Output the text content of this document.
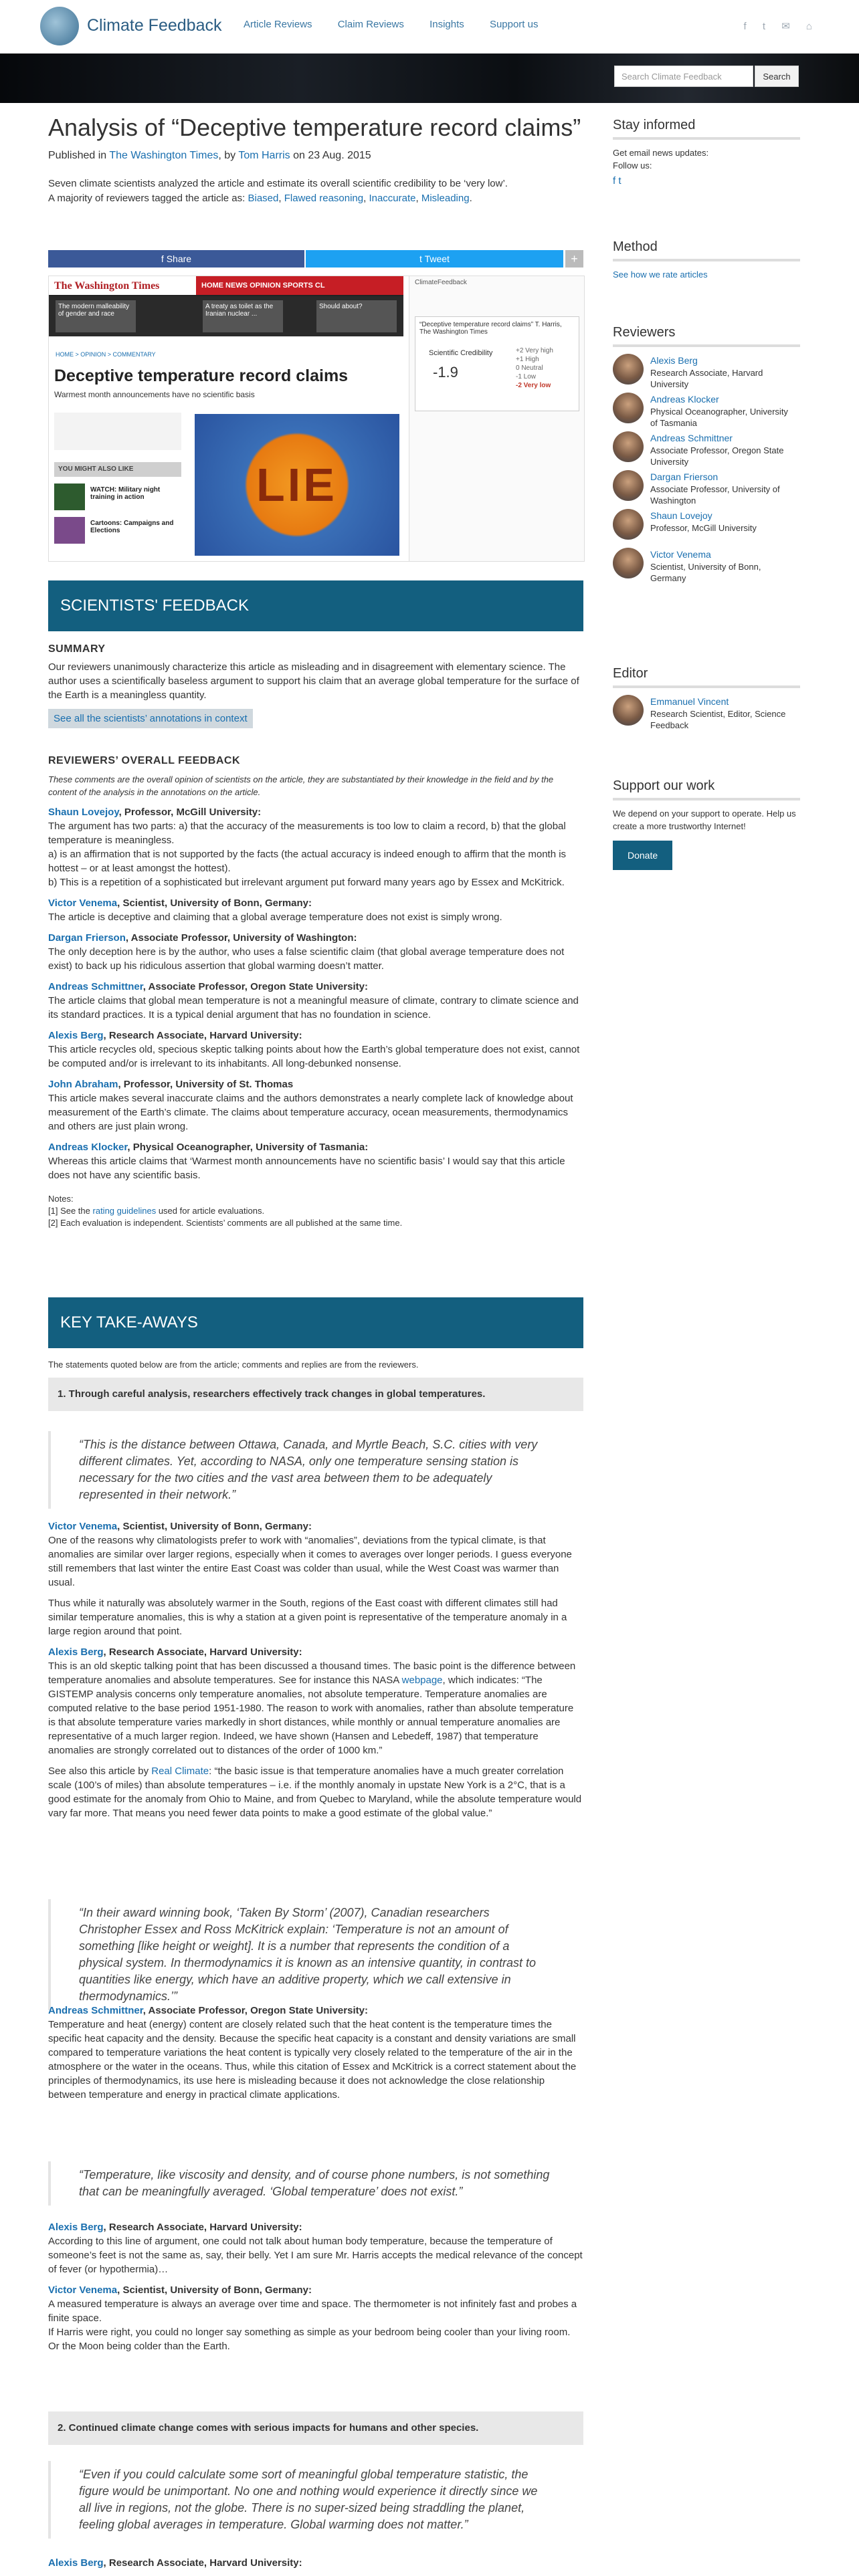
Climate Feedback Article Reviews	Claim Reviews	Insights	Support us	f t ✉ ⌂
Search Climate Feedback	Search
Analysis of “Deceptive temperature record claims”
Published in The Washington Times, by Tom Harris on 23 Aug. 2015

Seven climate scientists analyzed the article and estimate its overall scientific credibility to be ‘very low’.

A majority of reviewers tagged the article as: Biased, Flawed reasoning, Inaccurate, Misleading.

f Share	t Tweet	+
The Washington Times	HOME NEWS OPINION SPORTS CL
The modern malleability of gender and race
A treaty as toilet as the Iranian nuclear ...
Should about?
HOME > OPINION > COMMENTARY
Deceptive temperature record claims
Warmest month announcements have no scientific basis
YOU MIGHT ALSO LIKE
WATCH: Military night training in action
Cartoons: Campaigns and Elections
LIE
ClimateFeedback
“Deceptive temperature record claims” T. Harris, The Washington Times
Scientific Credibility
-1.9
+2 Very high
+1 High
0 Neutral
-1 Low
-2 Very low
SCIENTISTS' FEEDBACK
SUMMARY

Our reviewers unanimously characterize this article as misleading and in disagreement with elementary science. The author uses a scientifically baseless argument to support his claim that an average global temperature for the surface of the Earth is a meaningless quantity.

See all the scientists’ annotations in context
REVIEWERS’ OVERALL FEEDBACK

These comments are the overall opinion of scientists on the article, they are substantiated by their knowledge in the field and by the content of the analysis in the annotations on the article.

Shaun Lovejoy, Professor, McGill University:
The argument has two parts: a) that the accuracy of the measurements is too low to claim a record, b) that the global temperature is meaningless.
a) is an affirmation that is not supported by the facts (the actual accuracy is indeed enough to affirm that the month is hottest – or at least amongst the hottest).
b) This is a repetition of a sophisticated but irrelevant argument put forward many years ago by Essex and McKitrick.
Victor Venema, Scientist, University of Bonn, Germany:
The article is deceptive and claiming that a global average temperature does not exist is simply wrong.
Dargan Frierson, Associate Professor, University of Washington:
The only deception here is by the author, who uses a false scientific claim (that global average temperature does not exist) to back up his ridiculous assertion that global warming doesn’t matter.
Andreas Schmittner, Associate Professor, Oregon State University:
The article claims that global mean temperature is not a meaningful measure of climate, contrary to climate science and its standard practices. It is a typical denial argument that has no foundation in science.
Alexis Berg, Research Associate, Harvard University:
This article recycles old, specious skeptic talking points about how the Earth’s global temperature does not exist, cannot be computed and/or is irrelevant to its inhabitants. All long-debunked nonsense.
John Abraham, Professor, University of St. Thomas
This article makes several inaccurate claims and the authors demonstrates a nearly complete lack of knowledge about measurement of the Earth’s climate. The claims about temperature accuracy, ocean measurements, thermodynamics and others are just plain wrong.
Andreas Klocker, Physical Oceanographer, University of Tasmania:
Whereas this article claims that ‘Warmest month announcements have no scientific basis’ I would say that this article does not have any scientific basis.
Notes:
[1] See the rating guidelines used for article evaluations.
[2] Each evaluation is independent. Scientists’ comments are all published at the same time.
KEY TAKE-AWAYS
The statements quoted below are from the article; comments and replies are from the reviewers.
1. Through careful analysis, researchers effectively track changes in global temperatures.
“This is the distance between Ottawa, Canada, and Myrtle Beach, S.C. cities with very different climates. Yet, according to NASA, only one temperature sensing station is necessary for the two cities and the vast area between them to be adequately represented in their network.”
Victor Venema, Scientist, University of Bonn, Germany:

One of the reasons why climatologists prefer to work with “anomalies”, deviations from the typical climate, is that anomalies are similar over larger regions, especially when it comes to averages over longer periods. I guess everyone still remembers that last winter the entire East Coast was colder than usual, while the West Coast was warmer than usual.

Thus while it naturally was absolutely warmer in the South, regions of the East coast with different climates still had similar temperature anomalies, this is why a station at a given point is representative of the temperature anomaly in a large region around that point.

Alexis Berg, Research Associate, Harvard University:

This is an old skeptic talking point that has been discussed a thousand times. The basic point is the difference between temperature anomalies and absolute temperatures. See for instance this NASA webpage, which indicates: “The GISTEMP analysis concerns only temperature anomalies, not absolute temperature. Temperature anomalies are computed relative to the base period 1951-1980. The reason to work with anomalies, rather than absolute temperature is that absolute temperature varies markedly in short distances, while monthly or annual temperature anomalies are representative of a much larger region. Indeed, we have shown (Hansen and Lebedeff, 1987) that temperature anomalies are strongly correlated out to distances of the order of 1000 km.”

See also this article by Real Climate: “the basic issue is that temperature anomalies have a much greater correlation scale (100’s of miles) than absolute temperatures – i.e. if the monthly anomaly in upstate New York is a 2°C, that is a good estimate for the anomaly from Ohio to Maine, and from Quebec to Maryland, while the absolute temperature would vary far more. That means you need fewer data points to make a good estimate of the global value.”

“In their award winning book, ‘Taken By Storm’ (2007), Canadian researchers Christopher Essex and Ross McKitrick explain: ‘Temperature is not an amount of something [like height or weight]. It is a number that represents the condition of a physical system. In thermodynamics it is known as an intensive quantity, in contrast to quantities like energy, which have an additive property, which we call extensive in thermodynamics.’”
Andreas Schmittner, Associate Professor, Oregon State University:

Temperature and heat (energy) content are closely related such that the heat content is the temperature times the specific heat capacity and the density. Because the specific heat capacity is a constant and density variations are small compared to temperature variations the heat content is typically very closely related to the temperature of the air in the atmosphere or the water in the oceans. Thus, while this citation of Essex and McKitrick is a correct statement about the principles of thermodynamics, its use here is misleading because it does not acknowledge the close relationship between temperature and energy in practical climate applications.

“Temperature, like viscosity and density, and of course phone numbers, is not something that can be meaningfully averaged. ‘Global temperature’ does not exist.”
Alexis Berg, Research Associate, Harvard University:

According to this line of argument, one could not talk about human body temperature, because the temperature of someone’s feet is not the same as, say, their belly. Yet I am sure Mr. Harris accepts the medical relevance of the concept of fever (or hypothermia)…

Victor Venema, Scientist, University of Bonn, Germany:

A measured temperature is always an average over time and space. The thermometer is not infinitely fast and probes a finite space.
If Harris were right, you could no longer say something as simple as your bedroom being cooler than your living room. Or the Moon being colder than the Earth.

2. Continued climate change comes with serious impacts for humans and other species.
“Even if you could calculate some sort of meaningful global temperature statistic, the figure would be unimportant. No one and nothing would experience it directly since we all live in regions, not the globe. There is no super-sized being straddling the planet, feeling global averages in temperature. Global warming does not matter.”
Alexis Berg, Research Associate, Harvard University:
Stay informed
Get email news updates:
Follow us:
f t
Method
See how we rate articles
Reviewers
Alexis Berg
Research Associate, Harvard University
Andreas Klocker
Physical Oceanographer, University of Tasmania
Andreas Schmittner
Associate Professor, Oregon State University
Dargan Frierson
Associate Professor, University of Washington
Shaun Lovejoy
Professor, McGill University
Victor Venema
Scientist, University of Bonn, Germany
Editor
Emmanuel Vincent
Research Scientist, Editor, Science Feedback
Support our work
We depend on your support to operate. Help us create a more trustworthy Internet!
Donate
